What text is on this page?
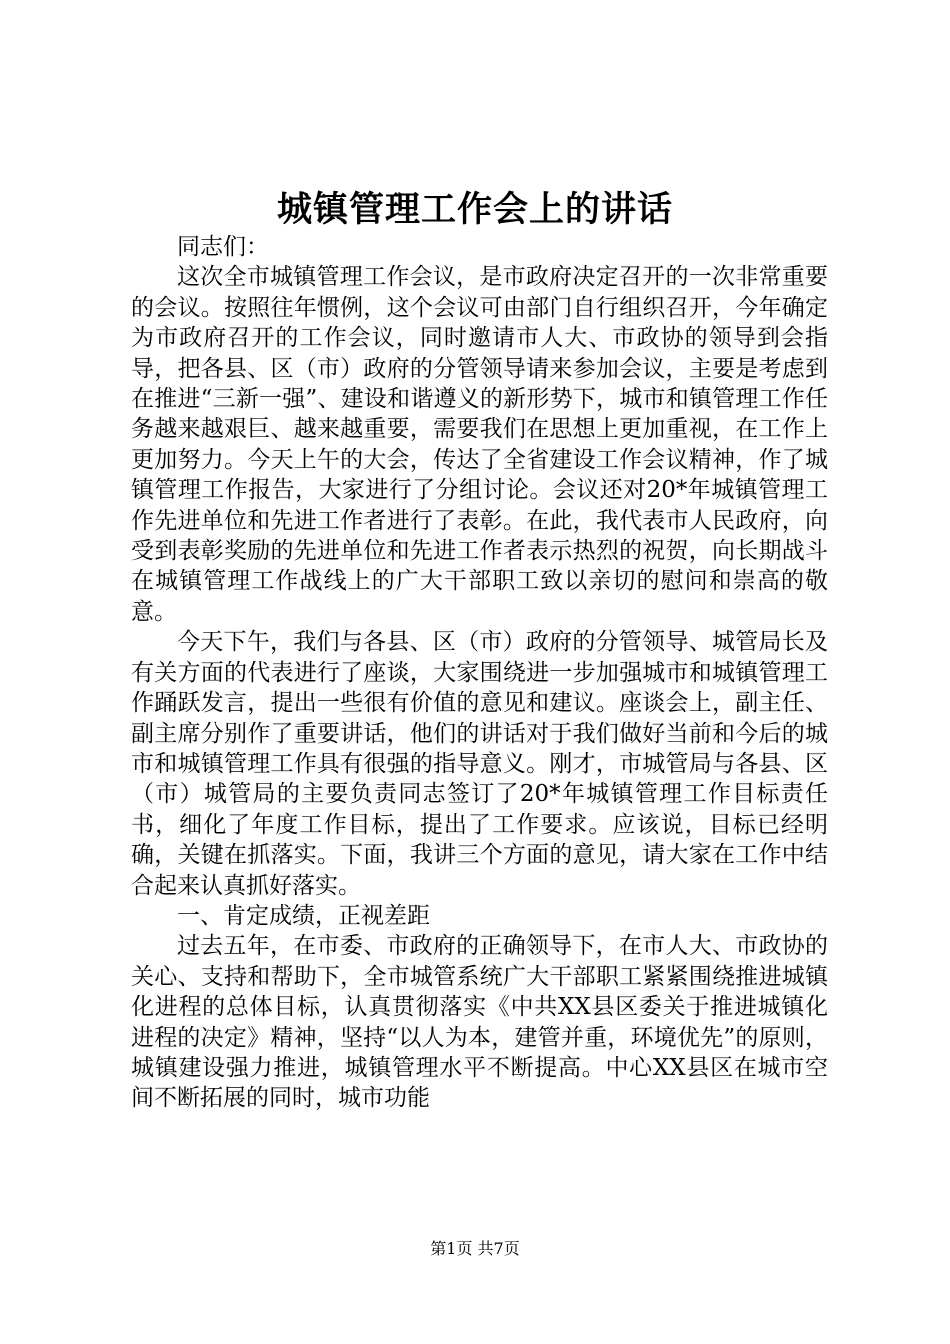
城镇管理工作会上的讲话

同志们：

这次全市城镇管理工作会议，是市政府决定召开的一次非常重要的会议。按照往年惯例，这个会议可由部门自行组织召开，今年确定为市政府召开的工作会议，同时邀请市人大、市政协的领导到会指导，把各县、区（市）政府的分管领导请来参加会议，主要是考虑到在推进“三新一强”、建设和谐遵义的新形势下，城市和镇管理工作任务越来越艰巨、越来越重要，需要我们在思想上更加重视，在工作上更加努力。今天上午的大会，传达了全省建设工作会议精神，作了城镇管理工作报告，大家进行了分组讨论。会议还对20*年城镇管理工作先进单位和先进工作者进行了表彰。在此，我代表市人民政府，向受到表彰奖励的先进单位和先进工作者表示热烈的祝贺，向长期战斗在城镇管理工作战线上的广大干部职工致以亲切的慰问和崇高的敬意。

今天下午，我们与各县、区（市）政府的分管领导、城管局长及有关方面的代表进行了座谈，大家围绕进一步加强城市和城镇管理工作踊跃发言，提出一些很有价值的意见和建议。座谈会上，副主任、副主席分别作了重要讲话，他们的讲话对于我们做好当前和今后的城市和城镇管理工作具有很强的指导意义。刚才，市城管局与各县、区（市）城管局的主要负责同志签订了20*年城镇管理工作目标责任书，细化了年度工作目标，提出了工作要求。应该说，目标已经明确，关键在抓落实。下面，我讲三个方面的意见，请大家在工作中结合起来认真抓好落实。

一、肯定成绩，正视差距

过去五年，在市委、市政府的正确领导下，在市人大、市政协的关心、支持和帮助下，全市城管系统广大干部职工紧紧围绕推进城镇化进程的总体目标，认真贯彻落实《中共XX县区委关于推进城镇化进程的决定》精神，坚持“以人为本，建管并重，环境优先”的原则，城镇建设强力推进，城镇管理水平不断提高。中心XX县区在城市空间不断拓展的同时，城市功能

第1页 共7页
